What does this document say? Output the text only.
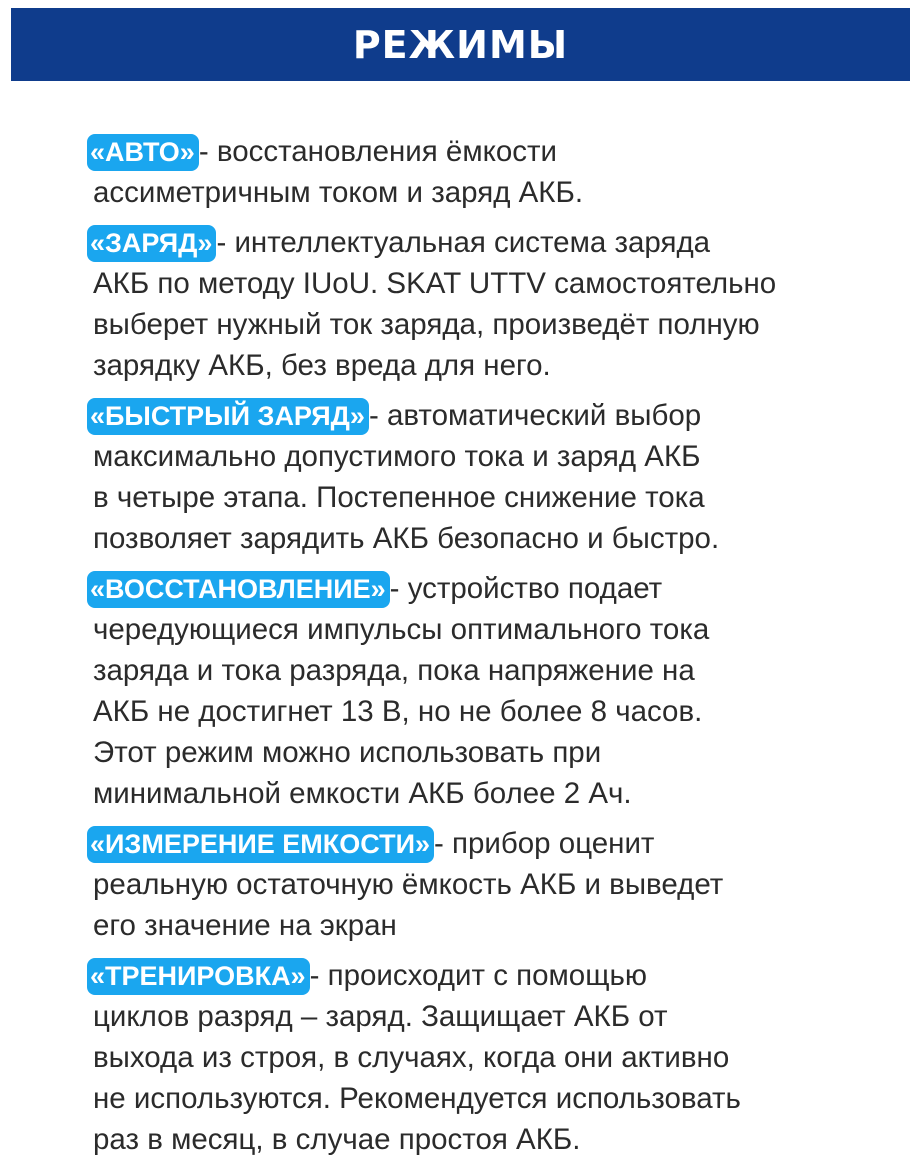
РЕЖИМЫ
«АВТО» - восстановления ёмкости
ассиметричным током и заряд АКБ.
«ЗАРЯД» - интеллектуальная система заряда
АКБ по методу IUoU. SKAT UTTV самостоятельно
выберет нужный ток заряда, произведёт полную
зарядку АКБ, без вреда для него.
«БЫСТРЫЙ ЗАРЯД» - автоматический выбор
максимально допустимого тока и заряд АКБ
в четыре этапа. Постепенное снижение тока
позволяет зарядить АКБ безопасно и быстро.
«ВОССТАНОВЛЕНИЕ» - устройство подает
чередующиеся импульсы оптимального тока
заряда и тока разряда, пока напряжение на
АКБ не достигнет 13 В, но не более 8 часов.
Этот режим можно использовать при
минимальной емкости АКБ более 2 Ач.
«ИЗМЕРЕНИЕ ЕМКОСТИ» - прибор оценит
реальную остаточную ёмкость АКБ и выведет
его значение на экран
«ТРЕНИРОВКА» - происходит с помощью
циклов разряд – заряд. Защищает АКБ от
выхода из строя, в случаях, когда они активно
не используются. Рекомендуется использовать
раз в месяц, в случае простоя АКБ.
